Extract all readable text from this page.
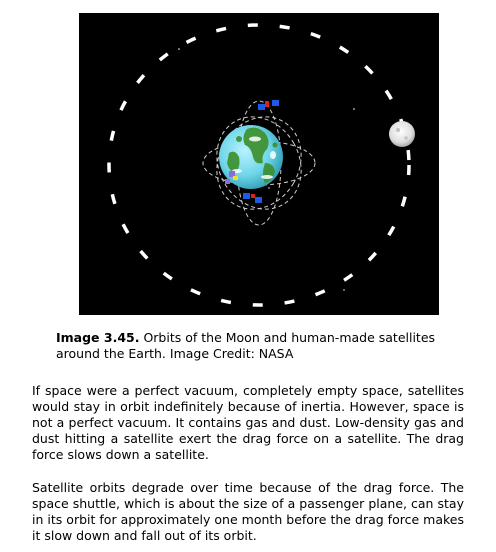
Image 3.45. Orbits of the Moon and human-made satellites around the Earth. Image Credit: NASA

If space were a perfect vacuum, completely empty space, satellites would stay in orbit indefinitely because of inertia. However, space is not a perfect vacuum. It contains gas and dust. Low-density gas and dust hitting a satellite exert the drag force on a satellite. The drag force slows down a satellite.

Satellite orbits degrade over time because of the drag force. The space shuttle, which is about the size of a passenger plane, can stay in its orbit for approximately one month before the drag force makes it slow down and fall out of its orbit.
